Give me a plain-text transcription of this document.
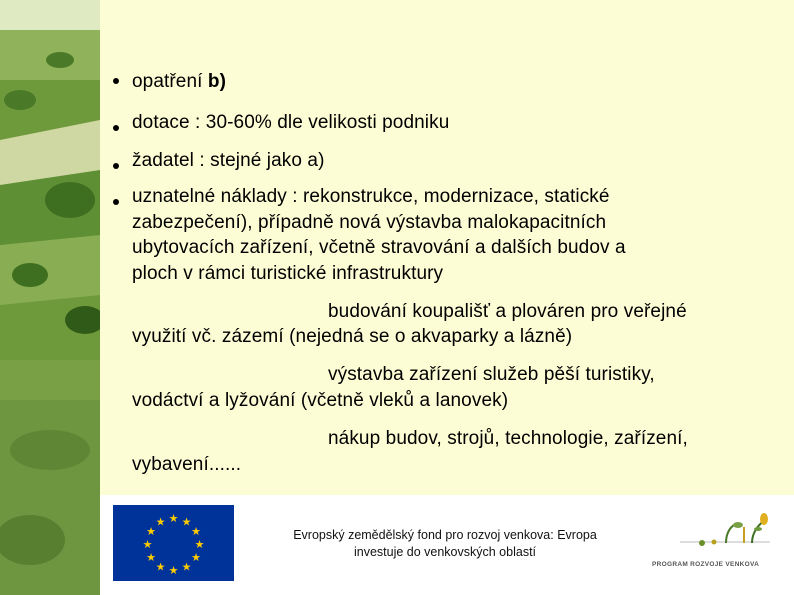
opatření b)
dotace : 30-60% dle velikosti podniku
žadatel : stejné jako a)
uznatelné náklady : rekonstrukce, modernizace, statické
zabezpečení), případně nová výstavba malokapacitních
ubytovacích zařízení, včetně stravování a dalších budov a
ploch v rámci turistické infrastruktury
budování koupališť a plováren pro veřejné
využití vč. zázemí (nejedná se o akvaparky a lázně)
výstavba zařízení služeb pěší turistiky,
vodáctví a lyžování (včetně vleků a lanovek)
nákup budov, strojů, technologie, zařízení,
vybavení......
★ ★
★
★
★
★
★
★
★
★
★
★
Evropský zemědělský fond pro rozvoj venkova: Evropa
investuje do venkovských oblastí
PROGRAM ROZVOJE VENKOVA
